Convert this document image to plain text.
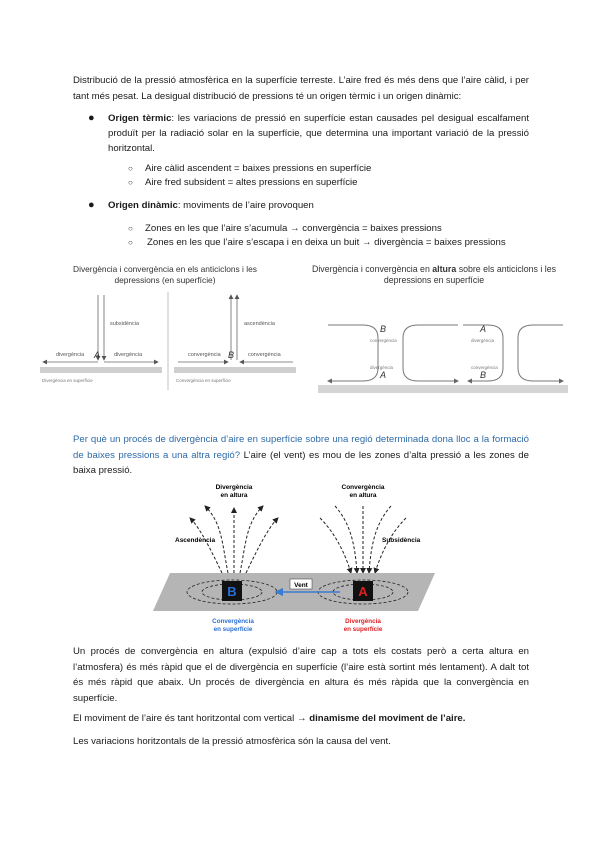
Distribució de la pressió atmosfèrica en la superfície terreste. L’aire fred és més dens que l’aire càlid, i per tant més pesat. La desigual distribució de pressions té un origen tèrmic i un origen dinàmic:
● Origen tèrmic: les variacions de pressió en superfície estan causades pel desigual escalfament produït per la radiació solar en la superfície, que determina una important variació de la pressió horitzontal.
○ Aire càlid ascendent = baixes pressions en superfície
○ Aire fred subsident = altes pressions en superfície
● Origen dinàmic: moviments de l’aire provoquen
○ Zones en les que l’aire s’acumula → convergència = baixes pressions
○ Zones en les que l’aire s’escapa i en deixa un buit → divergència = baixes pressions
Divergència i convergència en els anticiclons i les depressions (en superfície)
subsidència
divergència	divergència
A
Divergència en superfície
ascendència
convergència	convergència
B
Convergència en superfície
Divergència i convergència en altura sobre els anticiclons i les depressions en superfície
B
A
A
B
convergència
divergència
divergència
convergència
Per què un procés de divergència d’aire en superfície sobre una regió determinada dona lloc a la formació de baixes pressions a una altra regió? L’aire (el vent) es mou de les zones d’alta pressió a les zones de baixa pressió.
Divergència
en altura
Convergència
en altura
Ascendència	Subsidència
B	A
Vent
Convergència
en superfície
Divergència
en superfície
Un procés de convergència en altura (expulsió d’aire cap a tots els costats però a certa altura en l’atmosfera) és més ràpid que el de divergència en superfície (l’aire està sortint més lentament). A dalt tot és més ràpid que abaix. Un procés de divergència en altura és més ràpida que la convergència en superfície.
El moviment de l’aire és tant horitzontal com vertical → dinamisme del moviment de l’aire.
Les variacions horitzontals de la pressió atmosfèrica són la causa del vent.
